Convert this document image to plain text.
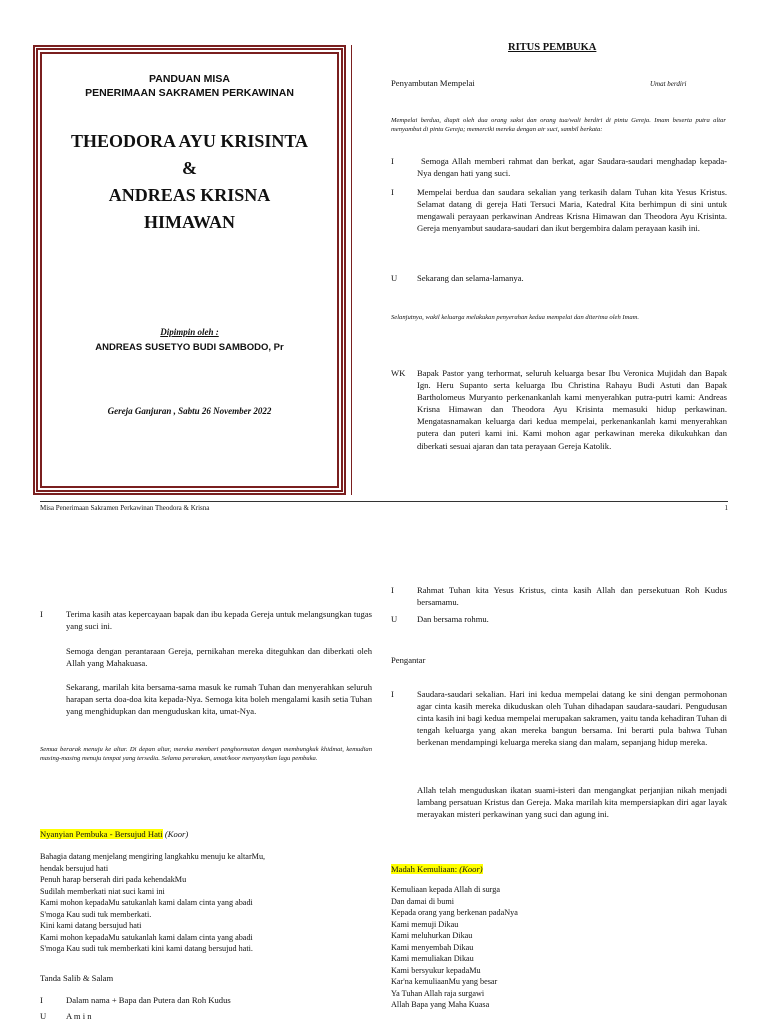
PANDUAN MISA
PENERIMAAN SAKRAMEN PERKAWINAN
THEODORA AYU KRISINTA
&
ANDREAS KRISNA
HIMAWAN
Dipimpin oleh :
ANDREAS SUSETYO BUDI SAMBODO, Pr
Gereja Ganjuran , Sabtu 26 November 2022
RITUS PEMBUKA
Penyambutan Mempelai	Umat berdiri
Mempelai berdua, diapit oleh dua orang saksi dan orang tua/wali berdiri di pintu Gereja. Imam beserta putra altar menyambut di pintu Gereja; memerciki mereka dengan air suci, sambil berkata:
I	Semoga Allah memberi rahmat dan berkat, agar Saudara-saudari menghadap kepada-Nya dengan hati yang suci.
I	Mempelai berdua dan saudara sekalian yang terkasih dalam Tuhan kita Yesus Kristus. Selamat datang di gereja Hati Tersuci Maria, Katedral Kita berhimpun di sini untuk mengawali perayaan perkawinan Andreas Krisna Himawan dan Theodora Ayu Krisinta. Gereja menyambut saudara-saudari dan ikut bergembira dalam perayaan kasih ini.
U Sekarang dan selama-lamanya.
Selanjutnya, wakil keluarga melakukan penyerahan kedua mempelai dan diterima oleh Imam.
WK Bapak Pastor yang terhormat, seluruh keluarga besar Ibu Veronica Mujidah dan Bapak Ign. Heru Supanto serta keluarga Ibu Christina Rahayu Budi Astuti dan Bapak Bartholomeus Muryanto perkenankanlah kami menyerahkan putra-putri kami: Andreas Krisna Himawan dan Theodora Ayu Krisinta memasuki hidup perkawinan. Mengatasnamakan keluarga dari kedua mempelai, perkenankanlah kami menyerahkan putera dan puteri kami ini. Kami mohon agar perkawinan mereka dikukuhkan dan diberkati sesuai ajaran dan tata perayaan Gereja Katolik.
Misa Penerimaan Sakramen Perkawinan Theodora & Krisna	1
I	Terima kasih atas kepercayaan bapak dan ibu kepada Gereja untuk melangsungkan tugas yang suci ini.
Semoga dengan perantaraan Gereja, pernikahan mereka diteguhkan dan diberkati oleh Allah yang Mahakuasa.
Sekarang, marilah kita bersama-sama masuk ke rumah Tuhan dan menyerahkan seluruh harapan serta doa-doa kita kepada-Nya. Semoga kita boleh mengalami kasih setia Tuhan yang menghidupkan dan menguduskan kita, umat-Nya.
Semua berarak menuju ke altar. Di depan altar, mereka memberi penghormatan dengan membungkuk khidmat, kemudian masing-masing menuju tempat yang tersedia. Selama perarakan, umat/koor menyanyikan lagu pembuka.
Nyanyian Pembuka - Bersujud Hati (Koor)
Bahagia datang menjelang mengiring langkahku menuju ke altarMu,
hendak bersujud hati
Penuh harap berserah diri pada kehendakMu
Sudilah memberkati niat suci kami ini
Kami mohon kepadaMu satukanlah kami dalam cinta yang abadi
S'moga Kau sudi tuk memberkati.
Kini kami datang bersujud hati
Kami mohon kepadaMu satukanlah kami dalam cinta yang abadi
S'moga Kau sudi tuk memberkati kini kami datang bersujud hati.
Tanda Salib & Salam
I	Dalam nama + Bapa dan Putera dan Roh Kudus
U A m i n
I	Rahmat Tuhan kita Yesus Kristus, cinta kasih Allah dan persekutuan Roh Kudus bersamamu.
U Dan bersama rohmu.
Pengantar
I	Saudara-saudari sekalian. Hari ini kedua mempelai datang ke sini dengan permohonan agar cinta kasih mereka dikuduskan oleh Tuhan dihadapan saudara-saudari. Pengudusan cinta kasih ini bagi kedua mempelai merupakan sakramen, yaitu tanda kehadiran Tuhan di tengah keluarga yang akan mereka bangun bersama. Ini berarti pula bahwa Tuhan berkenan mendampingi keluarga mereka siang dan malam, sepanjang hidup mereka.
Allah telah menguduskan ikatan suami-isteri dan mengangkat perjanjian nikah menjadi lambang persatuan Kristus dan Gereja. Maka marilah kita mempersiapkan diri agar layak merayakan misteri perkawinan yang suci dan agung ini.
Madah Kemuliaan: (Koor)
Kemuliaan kepada Allah di surga
Dan damai di bumi
Kepada orang yang berkenan padaNya
Kami memuji Dikau
Kami meluhurkan Dikau
Kami menyembah Dikau
Kami memuliakan Dikau
Kami bersyukur kepadaMu
Kar'na kemuliaanMu yang besar
Ya Tuhan Allah raja surgawi
Allah Bapa yang Maha Kuasa
